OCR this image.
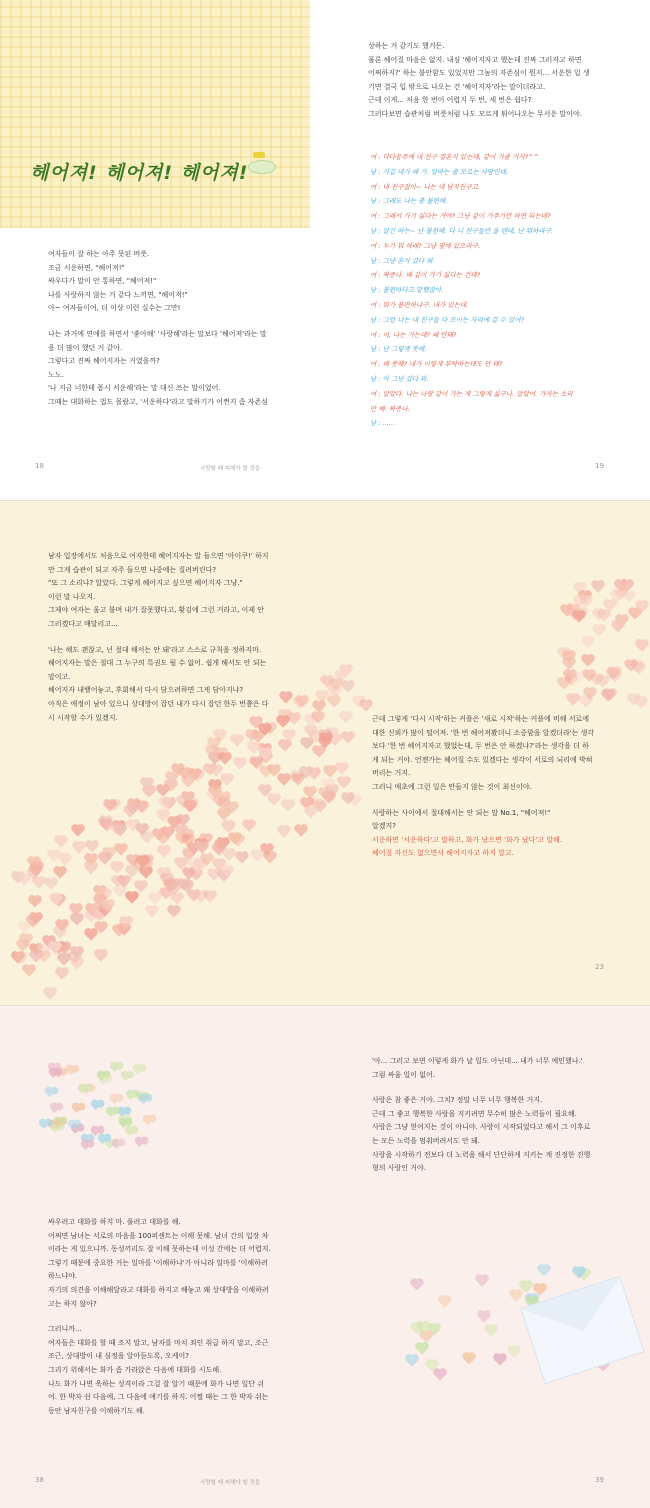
헤어져! 헤어져! 헤어져!

여자들이 잘 하는 아주 못된 버릇.

조금 서운하면, "헤어져!"

싸우다가 말이 안 통하면, "헤어져!"

나를 사랑하지 않는 거 같다 느끼면, "헤어져!"

아~ 여자들이여, 더 이상 이런 실수는 그만!

나는 과거에 연애를 하면서 '좋아해' '사랑해'라는 말보다 '헤어져'라는 말

을 더 많이 했던 거 같아.

그렇다고 진짜 헤어지자는 거였을까?

노노.

'나 지금 너한테 몹시 서운해'라는 말 대신 쓰는 말이었어.

그때는 대화하는 법도 몰랐고, '서운하다'라고 말하기가 어쩐지 좀 자존심

상하는 거 같기도 했거든.

물론 헤어질 마음은 없지. 내심 '헤어지자고 했는데 진짜 그러자고 하면

어쩌하지?' 하는 불안함도 있었지만 그놈의 자존심이 뭔지... 서운한 일 생

기면 결국 입 밖으로 나오는 건 '헤어지자'라는 말이더라고.

근데 이게... 처음 한 번이 어렵지 두 번, 세 번은 쉽다?

그러다보면 습관처럼 버릇처럼 나도 모르게 튀어나오는 무서운 말이야.

여 : 다다음주에 내 친구 결혼식 있는데, 같이 가줄 거지?^^

남 : 거길 내가 왜 가. 일하는 줄 모르는 사람인데.

여 : 내 친구잖아~ 나는 내 남자친구고.

남 : 그래도 나는 좀 불편해.

여 : 그래서 가기 싫다는 거야? 그냥 같이 가주기만 하면 되는데?

남 : 알긴 하는~ 난 불편해. 다 니 친구들만 올 텐데, 난 뭐하라구.

여 : 누가 뭐 하래? 그냥 옆에 있으라구.

남 : 그냥 혼자 갔다 와.

여 : 짜증나. 왜 같이 가기 싫다는 건데?

남 : 불편하다고 말했잖아.

여 : 뭐가 불편하냐구. 내가 있는데.

남 : 그럼 너는 내 친구들 다 모이는 자리에 갈 수 있어?

여 : 어, 나는 가는데? 왜 안돼?

남 : 난 그렇게 못해.

여 : 왜 못해? 내가 이렇게 부탁하는데도 안 돼?

남 : 아 그냥 갔다 와.

여 : 알았다. 나는 나랑 같이 가는 게 그렇게 싫구나. 알았어. 가자는 소리

안 해. 짜증나.

남 : ......

18	사랑할 때 피해야 할 것들	19

남자 입장에서도 처음으로 여자한테 헤어지자는 말 들으면 '아이쿠!' 하지

만 그게 습관이 되고 자주 들으면 나중에는 질려버린다?

"또 그 소리냐? 알았다. 그렇게 헤어지고 싶으면 헤어지자 그냥."

이런 말 나오지.

그제야 여자는 울고 불며 내가 잘못했다고, 홧김에 그런 거라고, 이제 안

그러겠다고 매달리고...

'나는 해도 괜찮고, 넌 절대 해서는 안 돼'라고 스스로 규칙을 정하지마.

헤어지자는 말은 절대 그 누구의 특권도 될 수 없어. 쉽게 해서도 안 되는

말이고.

헤어지자 내뱉어놓고, 후회해서 다시 담으려하면 그게 담아지냐?

아직은 애정이 남아 있으니 상대방이 잡던 내가 다시 잡던 한두 번쯤은 다

시 시작할 수가 있겠지.	근데 그렇게 '다시 시작'하는 커플은 '새로 시작'하는 커플에 비해 서로에

대한 신뢰가 많이 떨어져. '한 번 헤어져봤더니 소중함을 알겠더라'는 생각

보다 '한 번 헤어지자고 했었는데, 두 번은 안 하겠냐?'라는 생각을 더 하

게 되는 거야. 언젠가는 헤어질 수도 있겠다는 생각이 서로의 뇌리에 박혀

버리는 거지.

그러니 애초에 그런 일은 만들지 않는 것이 최선이야.

사랑하는 사이에서 절대해서는 안 되는 말 No.1, "헤어져!"

알겠지?

서운하면 '서운하다'고 말하고, 화가 났으면 '화가 났다'고 말해.

헤어질 자신도 없으면서 헤어지자고 하지 말고.

23

'아... 그러고 보면 이렇게 화가 날 일도 아닌데... 내가 너무 예민했나.'

그럼 싸울 일이 없어.

사랑은 참 좋은 거야. 그치? 정말 너무 너무 행복한 거지.

근데 그 좋고 행복한 사랑을 지키려면 무수히 많은 노력들이 필요해.

사랑은 그냥 얻어지는 것이 아니야. 사랑이 시작되었다고 해서 그 이후로

는 모든 노력을 멈춰버려서도 안 돼.

사랑을 시작하기 전보다 더 노력을 해서 단단하게 지키는 게 진정한 진행

형의 사랑인 거야.

싸우려고 대화를 하지 마. 풀려고 대화를 해.

어쩌면 남녀는 서로의 마음을 100퍼센트는 이해 못해. 남녀 간의 입장 차

이라는 게 있으니까. 동성끼리도 잘 이해 못하는데 이성 간에는 더 어렵지.

그렇기 때문에 중요한 거는 일마를 '이해하냐'가 아니라 얼마를 '이해하려

하느냐야.

자기의 의견을 이해해달라고 대화를 하지고 해놓고 왜 상대방을 이해하려

고는 하지 않아?

그러니까...

여자들은 대화를 할 때 조지 말고, 남자를 마치 죄인 취급 하지 말고, 조근

조근, 상대방이 내 심정을 알아듣도록, 오케이?

그리기 위해서는 화가 좀 가라앉은 다음에 대화를 시도해.

나도 화가 나면 욱하는 성격이라 그걸 잘 알기 때문에 화가 나면 일단 쉬

어. 한 박자 쉰 다음에, 그 다음에 얘기를 하지. 어쩔 때는 그 한 박자 쉬는

동안 남자친구를 이해하기도 해.

38	사랑할 때 피해야 할 것들	39
